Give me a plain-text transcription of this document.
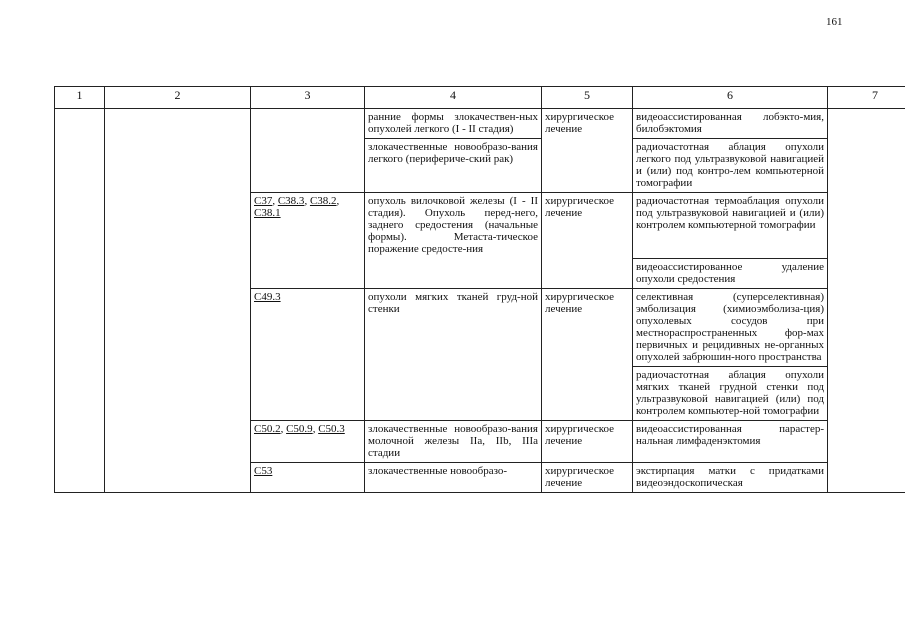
161
1	2	3	4	5	6	7
			ранние формы злокачествен-ных опухолей легкого (I - II стадия)	хирургическое лечение	видеоассистированная лобэкто-мия, билобэктомия	
			злокачественные новообразо-вания легкого (перифериче-ский рак)		радиочастотная аблация опухоли легкого под ультразвуковой навигацией и (или) под контро-лем компьютерной томографии	
		C37, C38.3, C38.2, C38.1	опухоль вилочковой железы (I - II стадия). Опухоль перед-него, заднего средостения (начальные формы). Метаста-тическое поражение средосте-ния	хирургическое лечение	радиочастотная термоаблация опухоли под ультразвуковой навигацией и (или) контролем компьютерной томографии	
					видеоассистированное удаление опухоли средостения	
		C49.3	опухоли мягких тканей груд-ной стенки	хирургическое лечение	селективная (суперселективная) эмболизация (химиоэмболиза-ция) опухолевых сосудов при местнораспространенных фор-мах первичных и рецидивных не-органных опухолей забрюшин-ного пространства	
					радиочастотная аблация опухоли мягких тканей грудной стенки под ультразвуковой навигацией (или) под контролем компьютер-ной томографии	
		C50.2, C50.9, C50.3	злокачественные новообразо-вания молочной железы IIa, IIb, IIIa стадии	хирургическое лечение	видеоассистированная парастер-нальная лимфаденэктомия	
		C53	злокачественные новообразо-	хирургическое лечение	экстирпация матки с придатками видеоэндоскопическая	
